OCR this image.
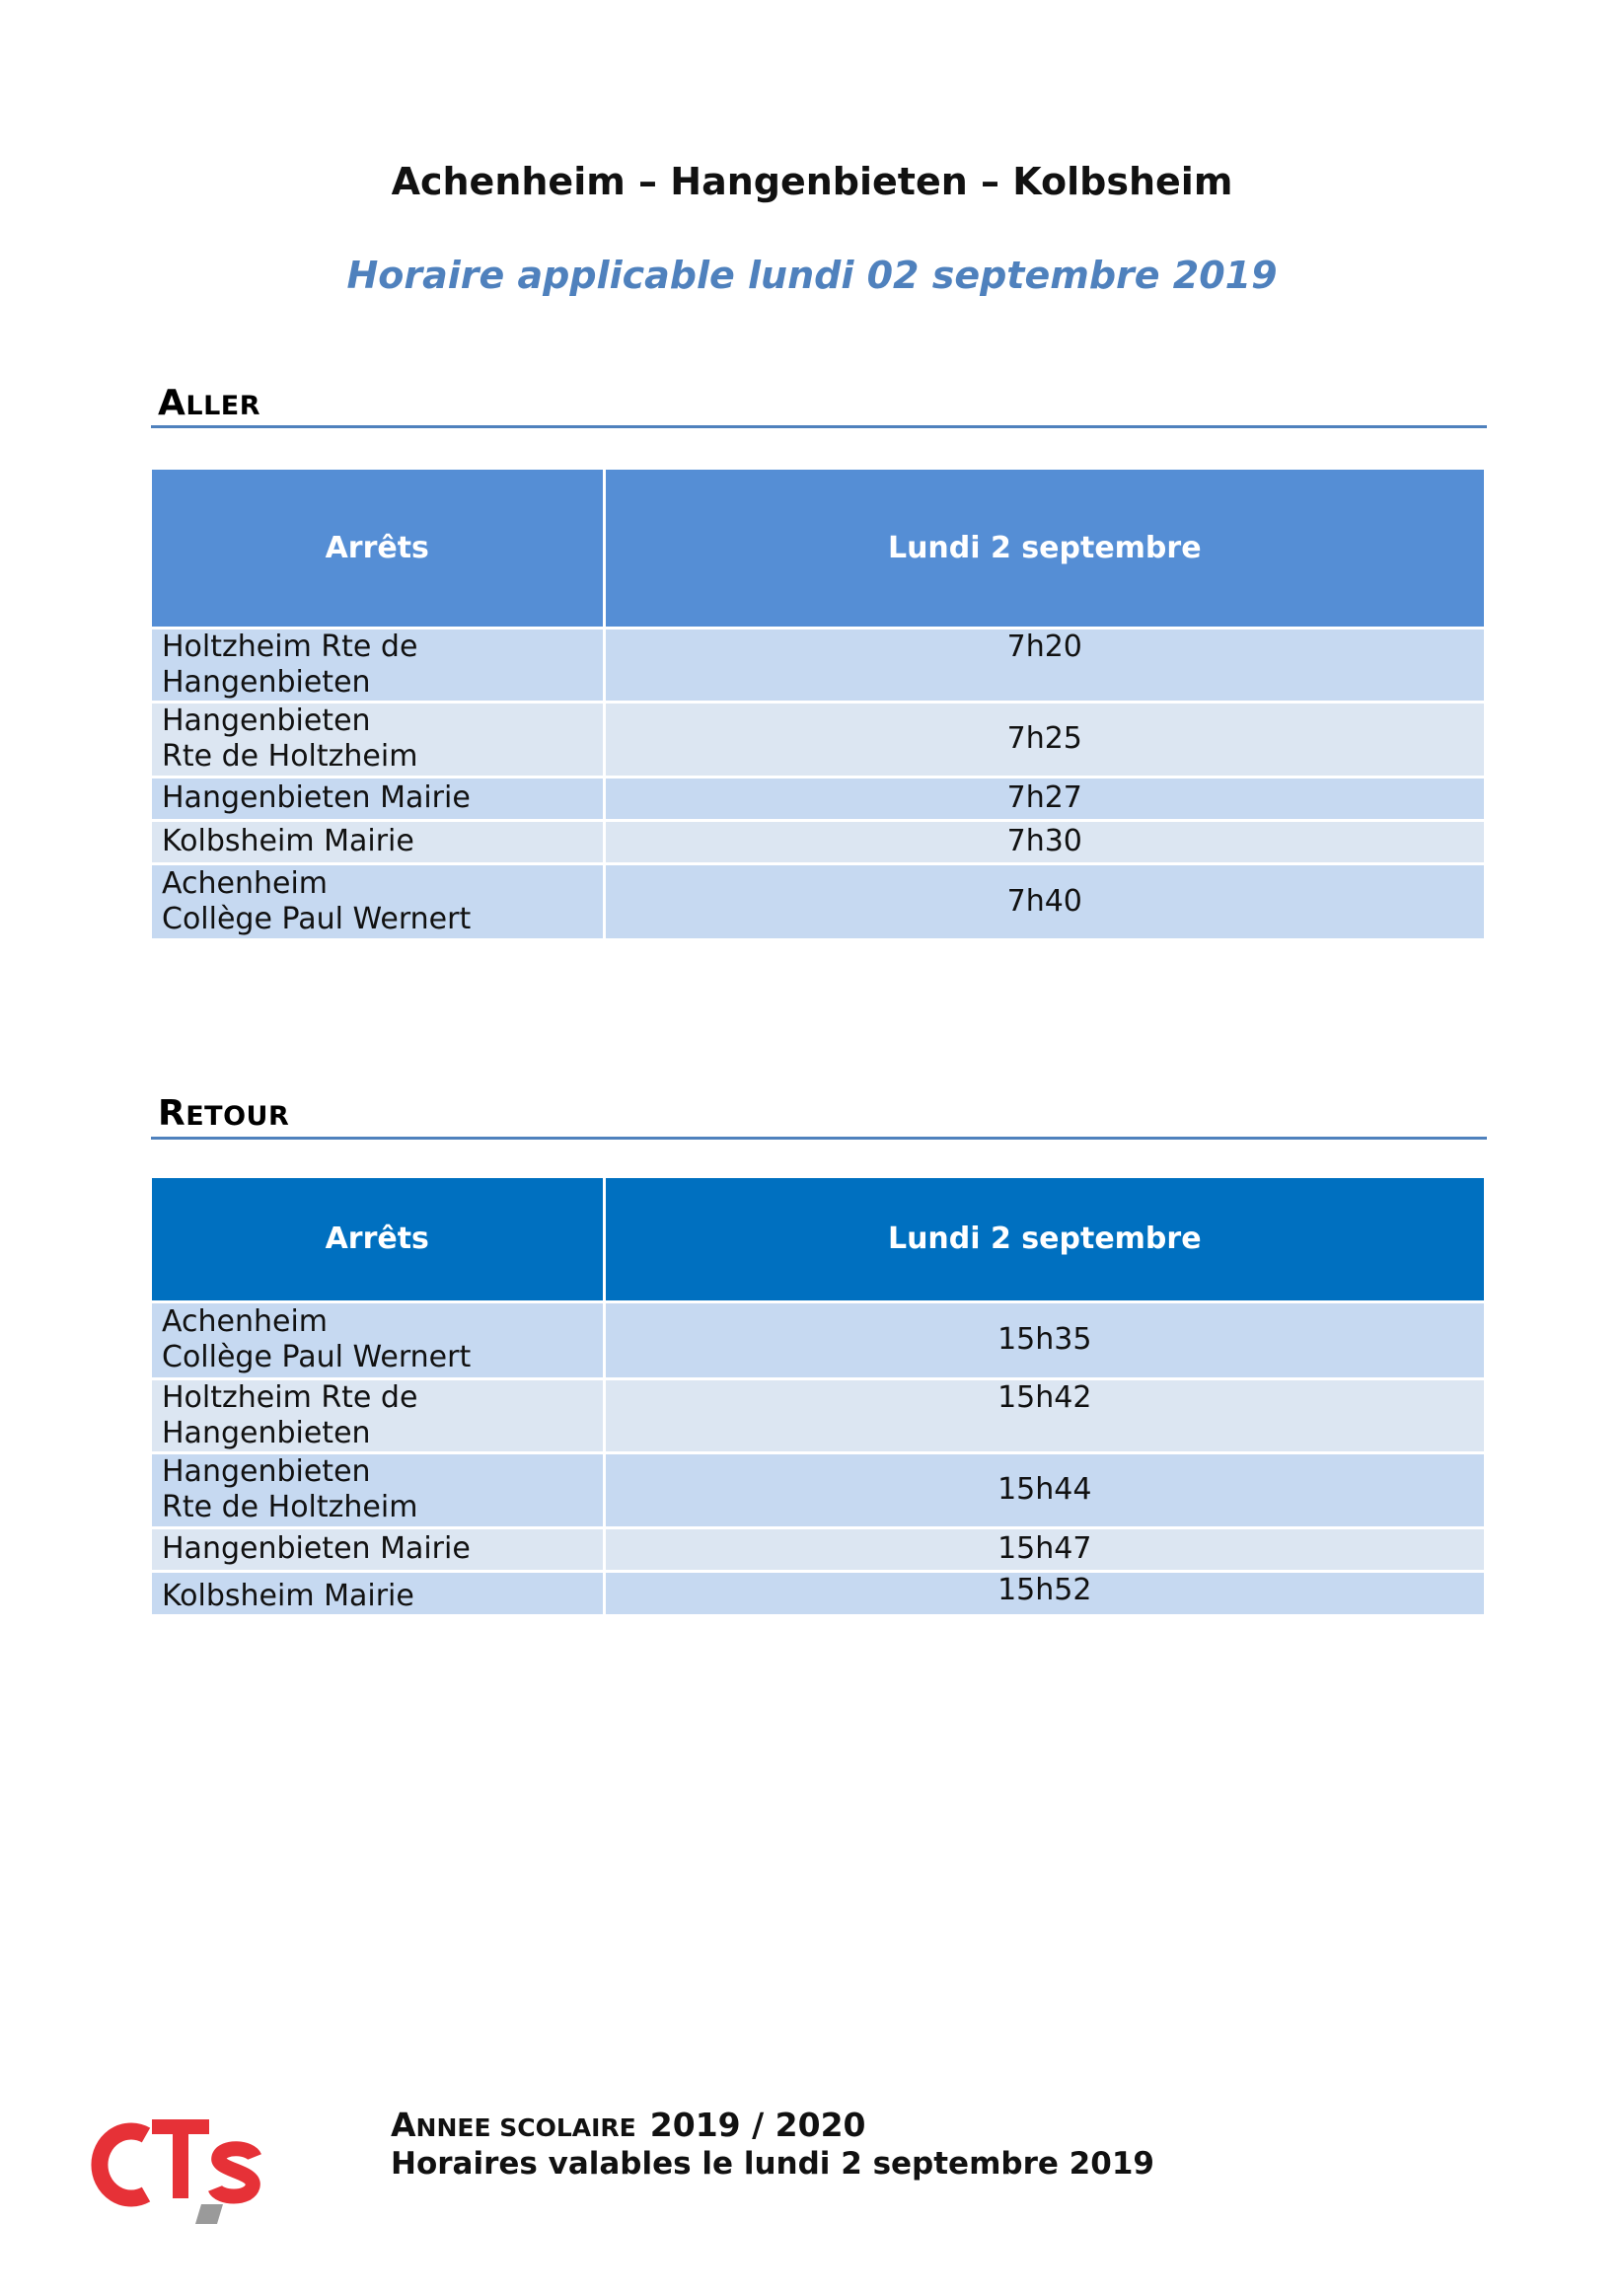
Achenheim – Hangenbieten – Kolbsheim
Horaire applicable lundi 02 septembre 2019
ALLER
Arrêts	Lundi 2 septembre

Holtzheim Rte de Hangenbieten	7h20

Hangenbieten
Rte de Holtzheim	7h25

Hangenbieten Mairie	7h27

Kolbsheim Mairie	7h30

Achenheim
Collège Paul Wernert	7h40
RETOUR
Arrêts	Lundi 2 septembre

Achenheim
Collège Paul Wernert	15h35

Holtzheim Rte de Hangenbieten	15h42

Hangenbieten
Rte de Holtzheim	15h44

Hangenbieten Mairie	15h47

Kolbsheim Mairie	15h52
ANNEE SCOLAIRE 2019 / 2020
Horaires valables le lundi 2 septembre 2019
